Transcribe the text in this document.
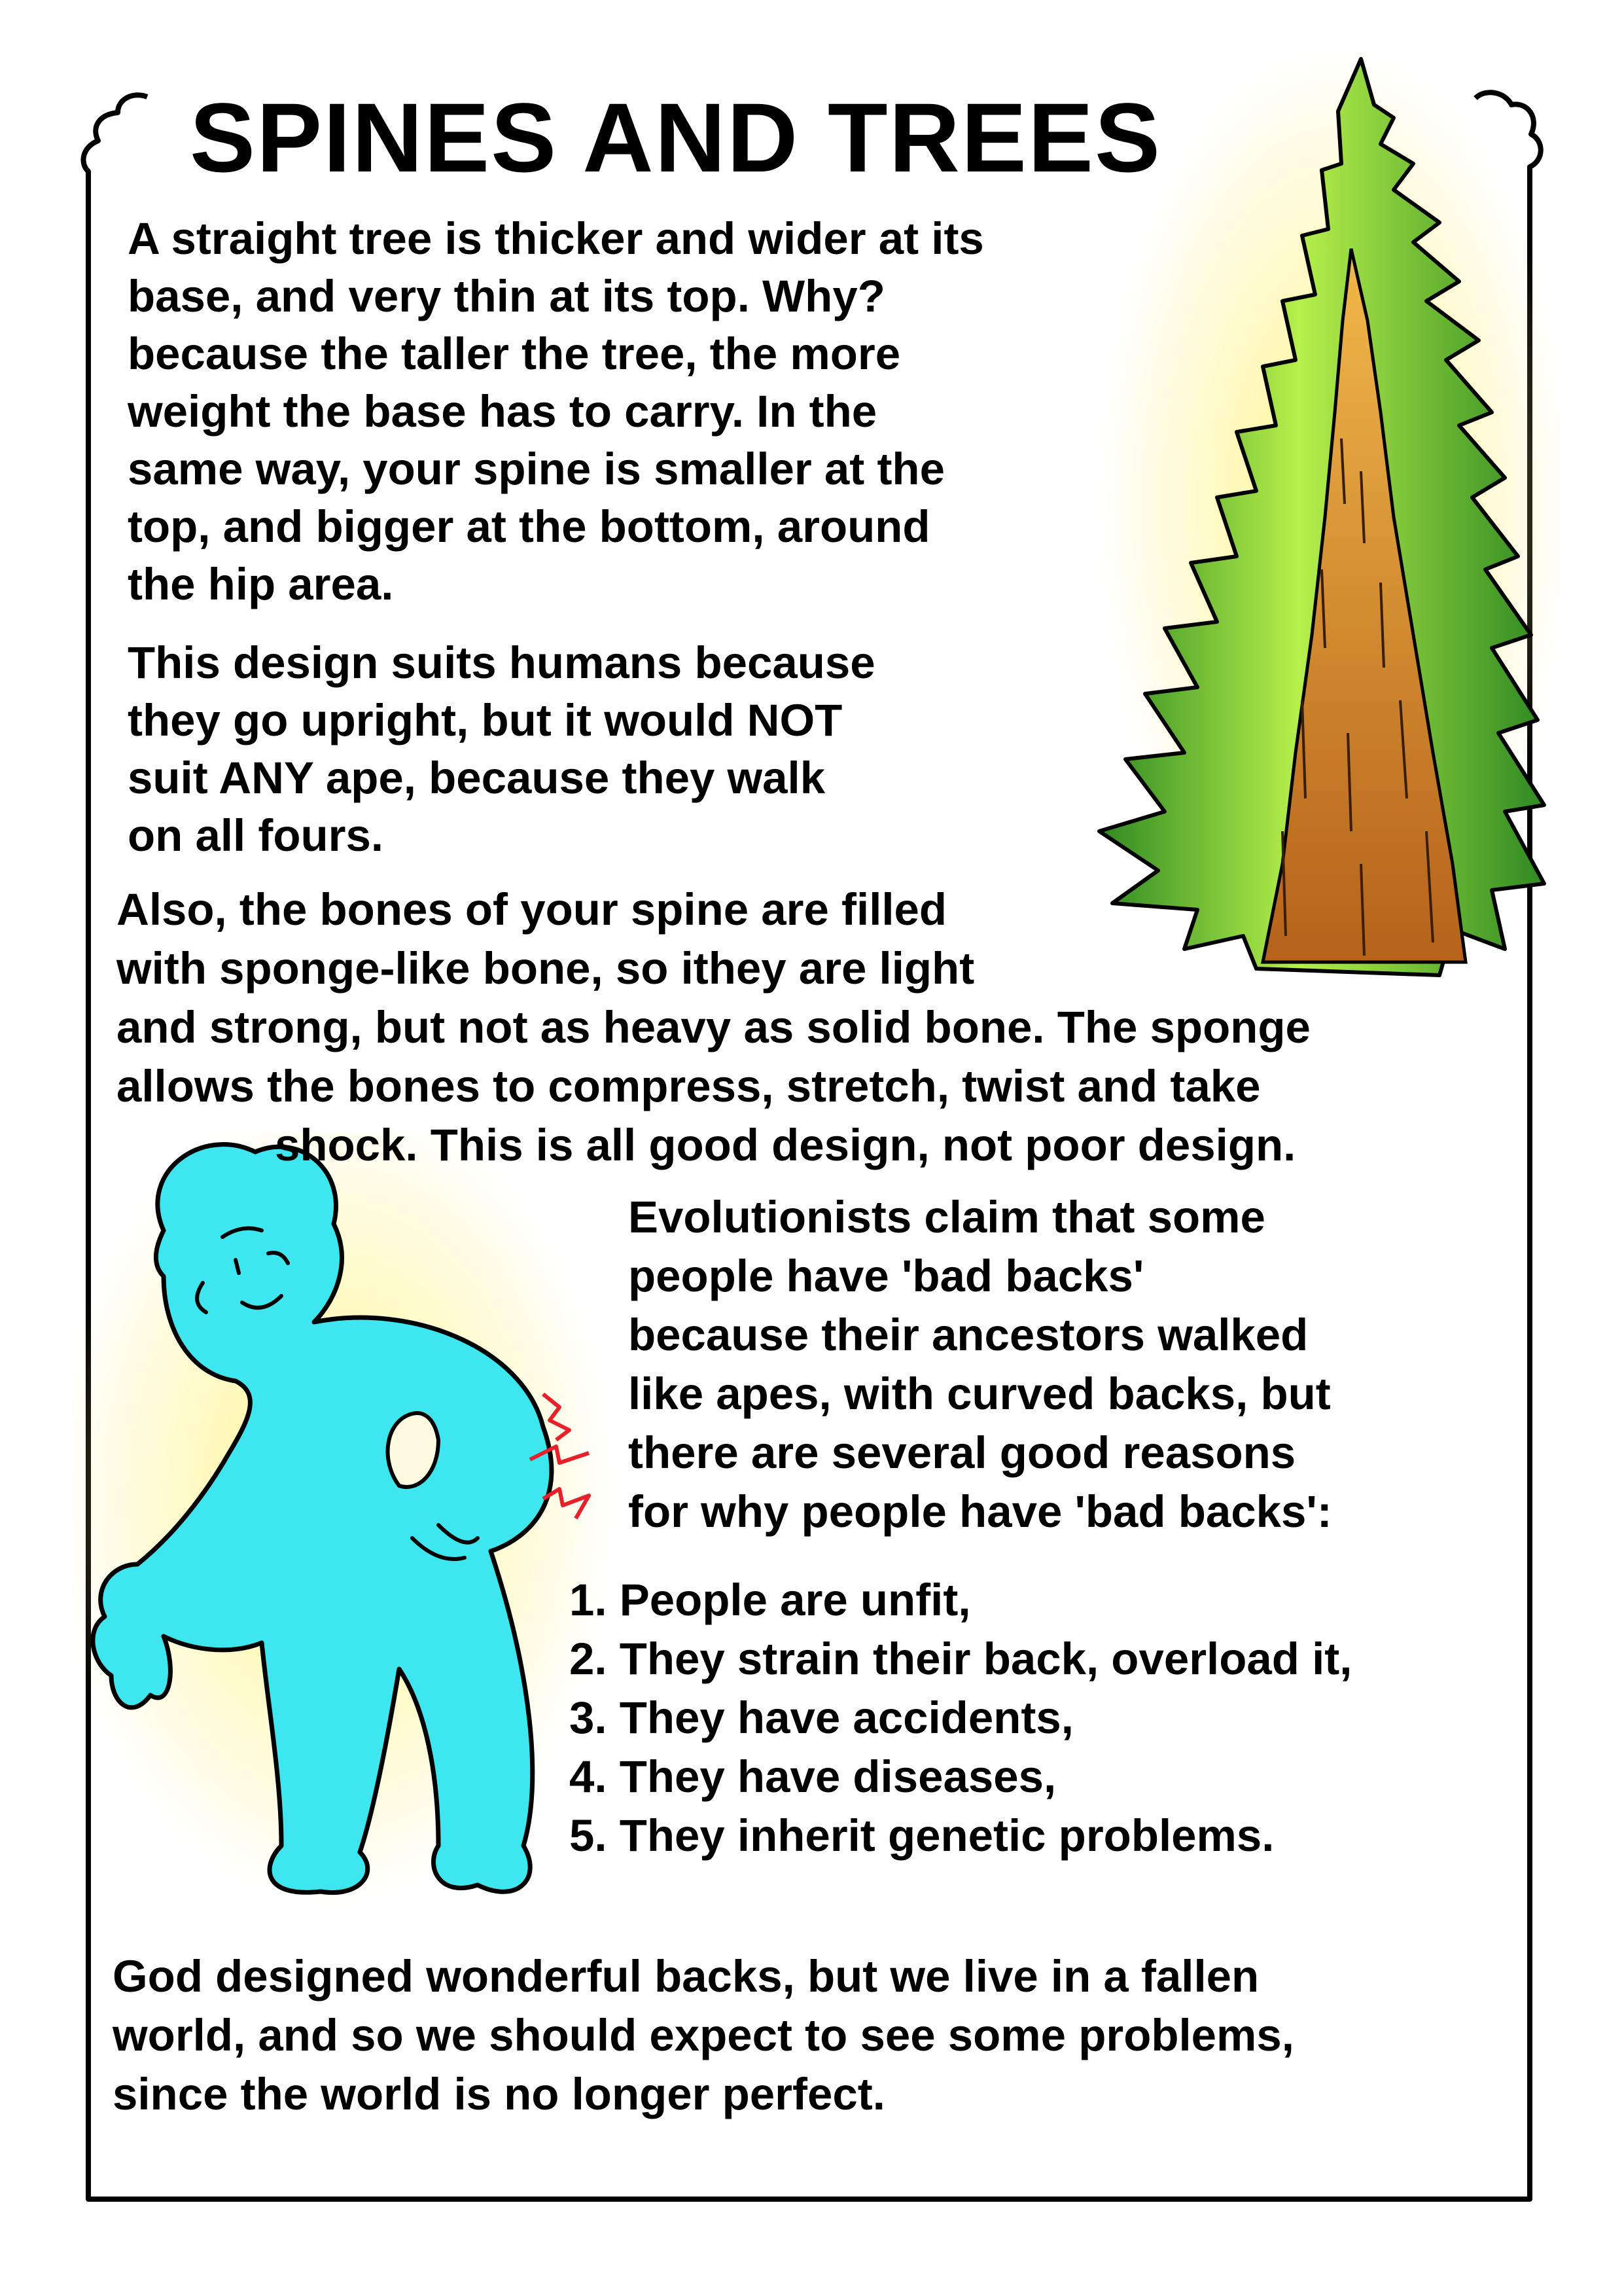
SPINES AND TREES
A straight tree is thicker and wider at its
base, and very thin at its top. Why?
because the taller the tree, the more
weight the base has to carry. In the
same way, your spine is smaller at the
top, and bigger at the bottom, around
the hip area.
This design suits humans because
they go upright, but it would NOT
suit ANY ape, because they walk
on all fours.
Also, the bones of your spine are filled
with sponge-like bone, so ithey are light
and strong, but not as heavy as solid bone. The sponge
allows the bones to compress, stretch, twist and take
shock. This is all good design, not poor design.
Evolutionists claim that some
people have 'bad backs'
because their ancestors walked
like apes, with curved backs, but
there are several good reasons
for why people have 'bad backs':
1. People are unfit,
2. They strain their back, overload it,
3. They have accidents,
4. They have diseases,
5. They inherit genetic problems.
God designed wonderful backs, but we live in a fallen
world, and so we should expect to see some problems,
since the world is no longer perfect.
